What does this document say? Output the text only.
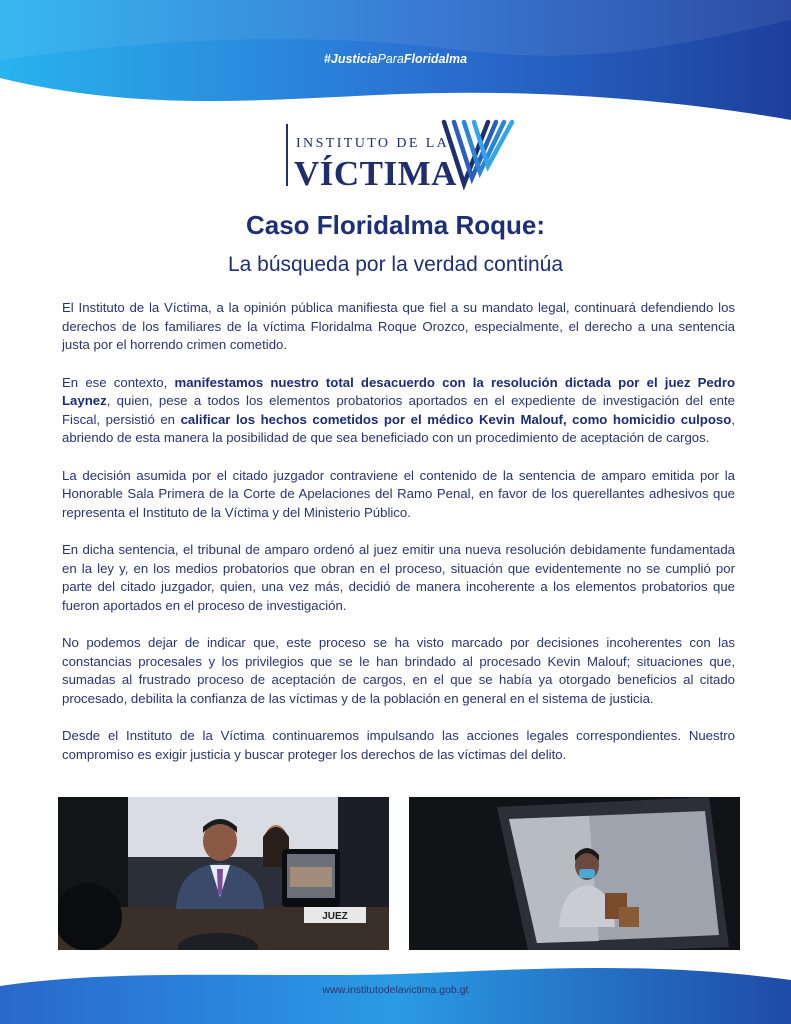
#JusticiaParaFloridalma
INSTITUTO DE LA
VÍCTIMA
Caso Floridalma Roque:
La búsqueda por la verdad continúa

El Instituto de la Víctima, a la opinión pública manifiesta que fiel a su mandato legal, continuará defendiendo los derechos de los familiares de la víctima Floridalma Roque Orozco, especialmente, el derecho a una sentencia justa por el horrendo crimen cometido.

En ese contexto, manifestamos nuestro total desacuerdo con la resolución dictada por el juez Pedro Laynez, quien, pese a todos los elementos probatorios aportados en el expediente de investigación del ente Fiscal, persistió en calificar los hechos cometidos por el médico Kevin Malouf, como homicidio culposo, abriendo de esta manera la posibilidad de que sea beneficiado con un procedimiento de aceptación de cargos.

La decisión asumida por el citado juzgador contraviene el contenido de la sentencia de amparo emitida por la Honorable Sala Primera de la Corte de Apelaciones del Ramo Penal, en favor de los querellantes adhesivos que representa el Instituto de la Víctima y del Ministerio Público.

En dicha sentencia, el tribunal de amparo ordenó al juez emitir una nueva resolución debidamente fundamentada en la ley y, en los medios probatorios que obran en el proceso, situación que evidentemente no se cumplió por parte del citado juzgador, quien, una vez más, decidió de manera incoherente a los elementos probatorios que fueron aportados en el proceso de investigación.

No podemos dejar de indicar que, este proceso se ha visto marcado por decisiones incoherentes con las constancias procesales y los privilegios que se le han brindado al procesado Kevin Malouf; situaciones que, sumadas al frustrado proceso de aceptación de cargos, en el que se había ya otorgado beneficios al citado procesado, debilita la confianza de las víctimas y de la población en general en el sistema de justicia.

Desde el Instituto de la Víctima continuaremos impulsando las acciones legales correspondientes. Nuestro compromiso es exigir justicia y buscar proteger los derechos de las víctimas del delito.

JUEZ
www.institutodelavictima.gob.gt
